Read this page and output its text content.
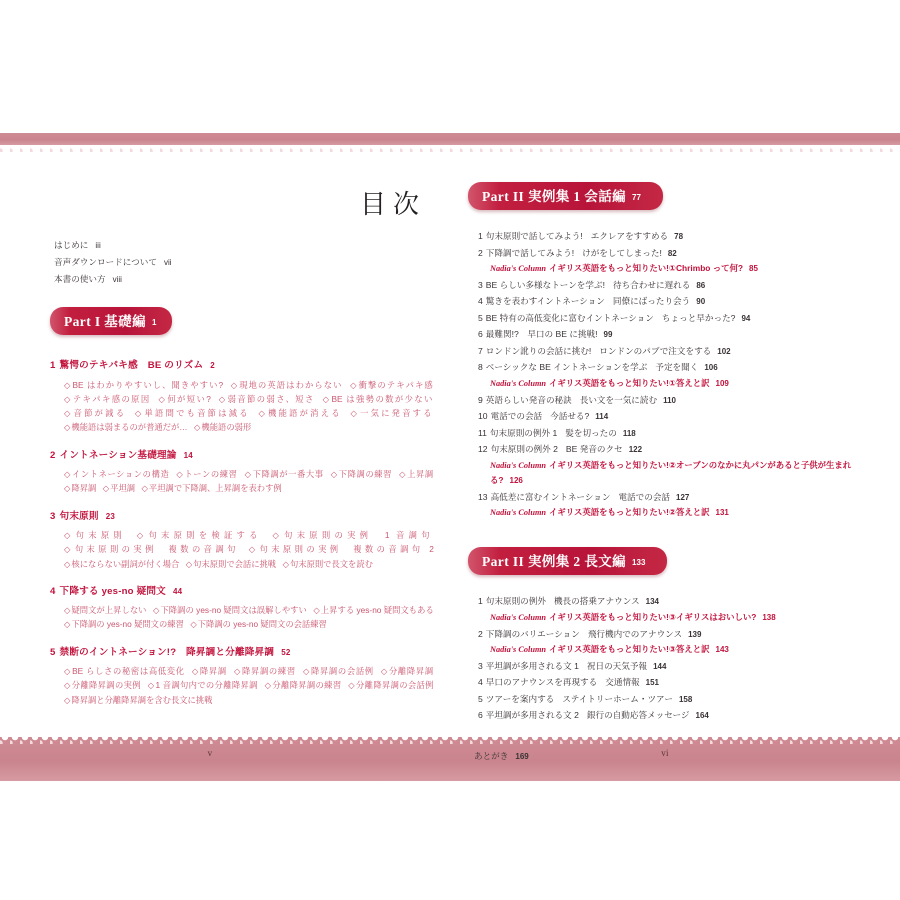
v	vi
目次
はじめに iii
音声ダウンロードについて vii
本書の使い方 viii
Part I 基礎編 1
1 驚愕のテキパキ感　BE のリズム 2
◇BE はわかりやすいし、聞きやすい?  ◇現地の英語はわからない  ◇衝撃のテキパキ感  ◇テキパキ感の原因  ◇何が短い?  ◇弱音節の弱さ、短さ  ◇BE は強勢の数が少ない  ◇音節が減る  ◇単語間でも音節は減る  ◇機能語が消える  ◇一気に発音する  ◇機能語は弱まるのが普通だが…  ◇機能語の弱形 
2 イントネーション基礎理論 14
◇イントネーションの構造  ◇トーンの練習  ◇下降調が一番大事  ◇下降調の練習  ◇上昇調  ◇降昇調  ◇平坦調  ◇平坦調で下降調、上昇調を表わす例 
3 句末原則 23
◇句末原則  ◇句末原則を検証する  ◇句末原則の実例　1 音調句  ◇句末原則の実例　複数の音調句  ◇句末原則の実例　複数の音調句 2  ◇核にならない副詞が付く場合  ◇句末原則で会話に挑戦  ◇句末原則で長文を読む 
4 下降する yes-no 疑問文 44
◇疑問文が上昇しない  ◇下降調の yes-no 疑問文は誤解しやすい  ◇上昇する yes-no 疑問文もある  ◇下降調の yes-no 疑問文の練習  ◇下降調の yes-no 疑問文の会話練習 
5 禁断のイントネーション!?　降昇調と分離降昇調 52
◇BE らしさの秘密は高低変化  ◇降昇調  ◇降昇調の練習  ◇降昇調の会話例  ◇分離降昇調  ◇分離降昇調の実例  ◇1 音調句内での分離降昇調  ◇分離降昇調の練習  ◇分離降昇調の会話例  ◇降昇調と分離降昇調を含む長文に挑戦 
Part II 実例集 1 会話編 77
1 句末原則で話してみよう! エクレアをすすめる 78
2 下降調で話してみよう! けがをしてしまった! 82
Nadia's Column イギリス英語をもっと知りたい!①Chrimbo って何? 85
3 BE らしい多様なトーンを学ぶ! 待ち合わせに遅れる 86
4 驚きを表わすイントネーション 同僚にばったり会う 90
5 BE 特有の高低変化に富むイントネーション ちょっと早かった? 94
6 最難関!?　早口の BE に挑戦! 99
7 ロンドン訛りの会話に挑む! ロンドンのパブで注文をする 102
8 ベーシックな BE イントネーションを学ぶ 予定を聞く 106
Nadia's Column イギリス英語をもっと知りたい!①答えと訳 109
9 英語らしい発音の秘訣 長い文を一気に読む 110
10 電話での会話 今話せる? 114
11 句末原則の例外 1 髪を切ったの 118
12 句末原則の例外 2 BE 発音のクセ 122
Nadia's Column イギリス英語をもっと知りたい!②オーブンのなかに丸パンがあると子供が生まれる? 126
13 高低差に富むイントネーション 電話での会話 127
Nadia's Column イギリス英語をもっと知りたい!②答えと訳 131
Part II 実例集 2 長文編 133
1 句末原則の例外 機長の搭乗アナウンス 134
Nadia's Column イギリス英語をもっと知りたい!③イギリスはおいしい? 138
2 下降調のバリエーション 飛行機内でのアナウンス 139
Nadia's Column イギリス英語をもっと知りたい!③答えと訳 143
3 平坦調が多用される文 1 祝日の天気予報 144
4 早口のアナウンスを再現する 交通情報 151
5 ツアーを案内する ステイトリーホーム・ツアー 158
6 平坦調が多用される文 2 銀行の自動応答メッセージ 164
あとがき 169
